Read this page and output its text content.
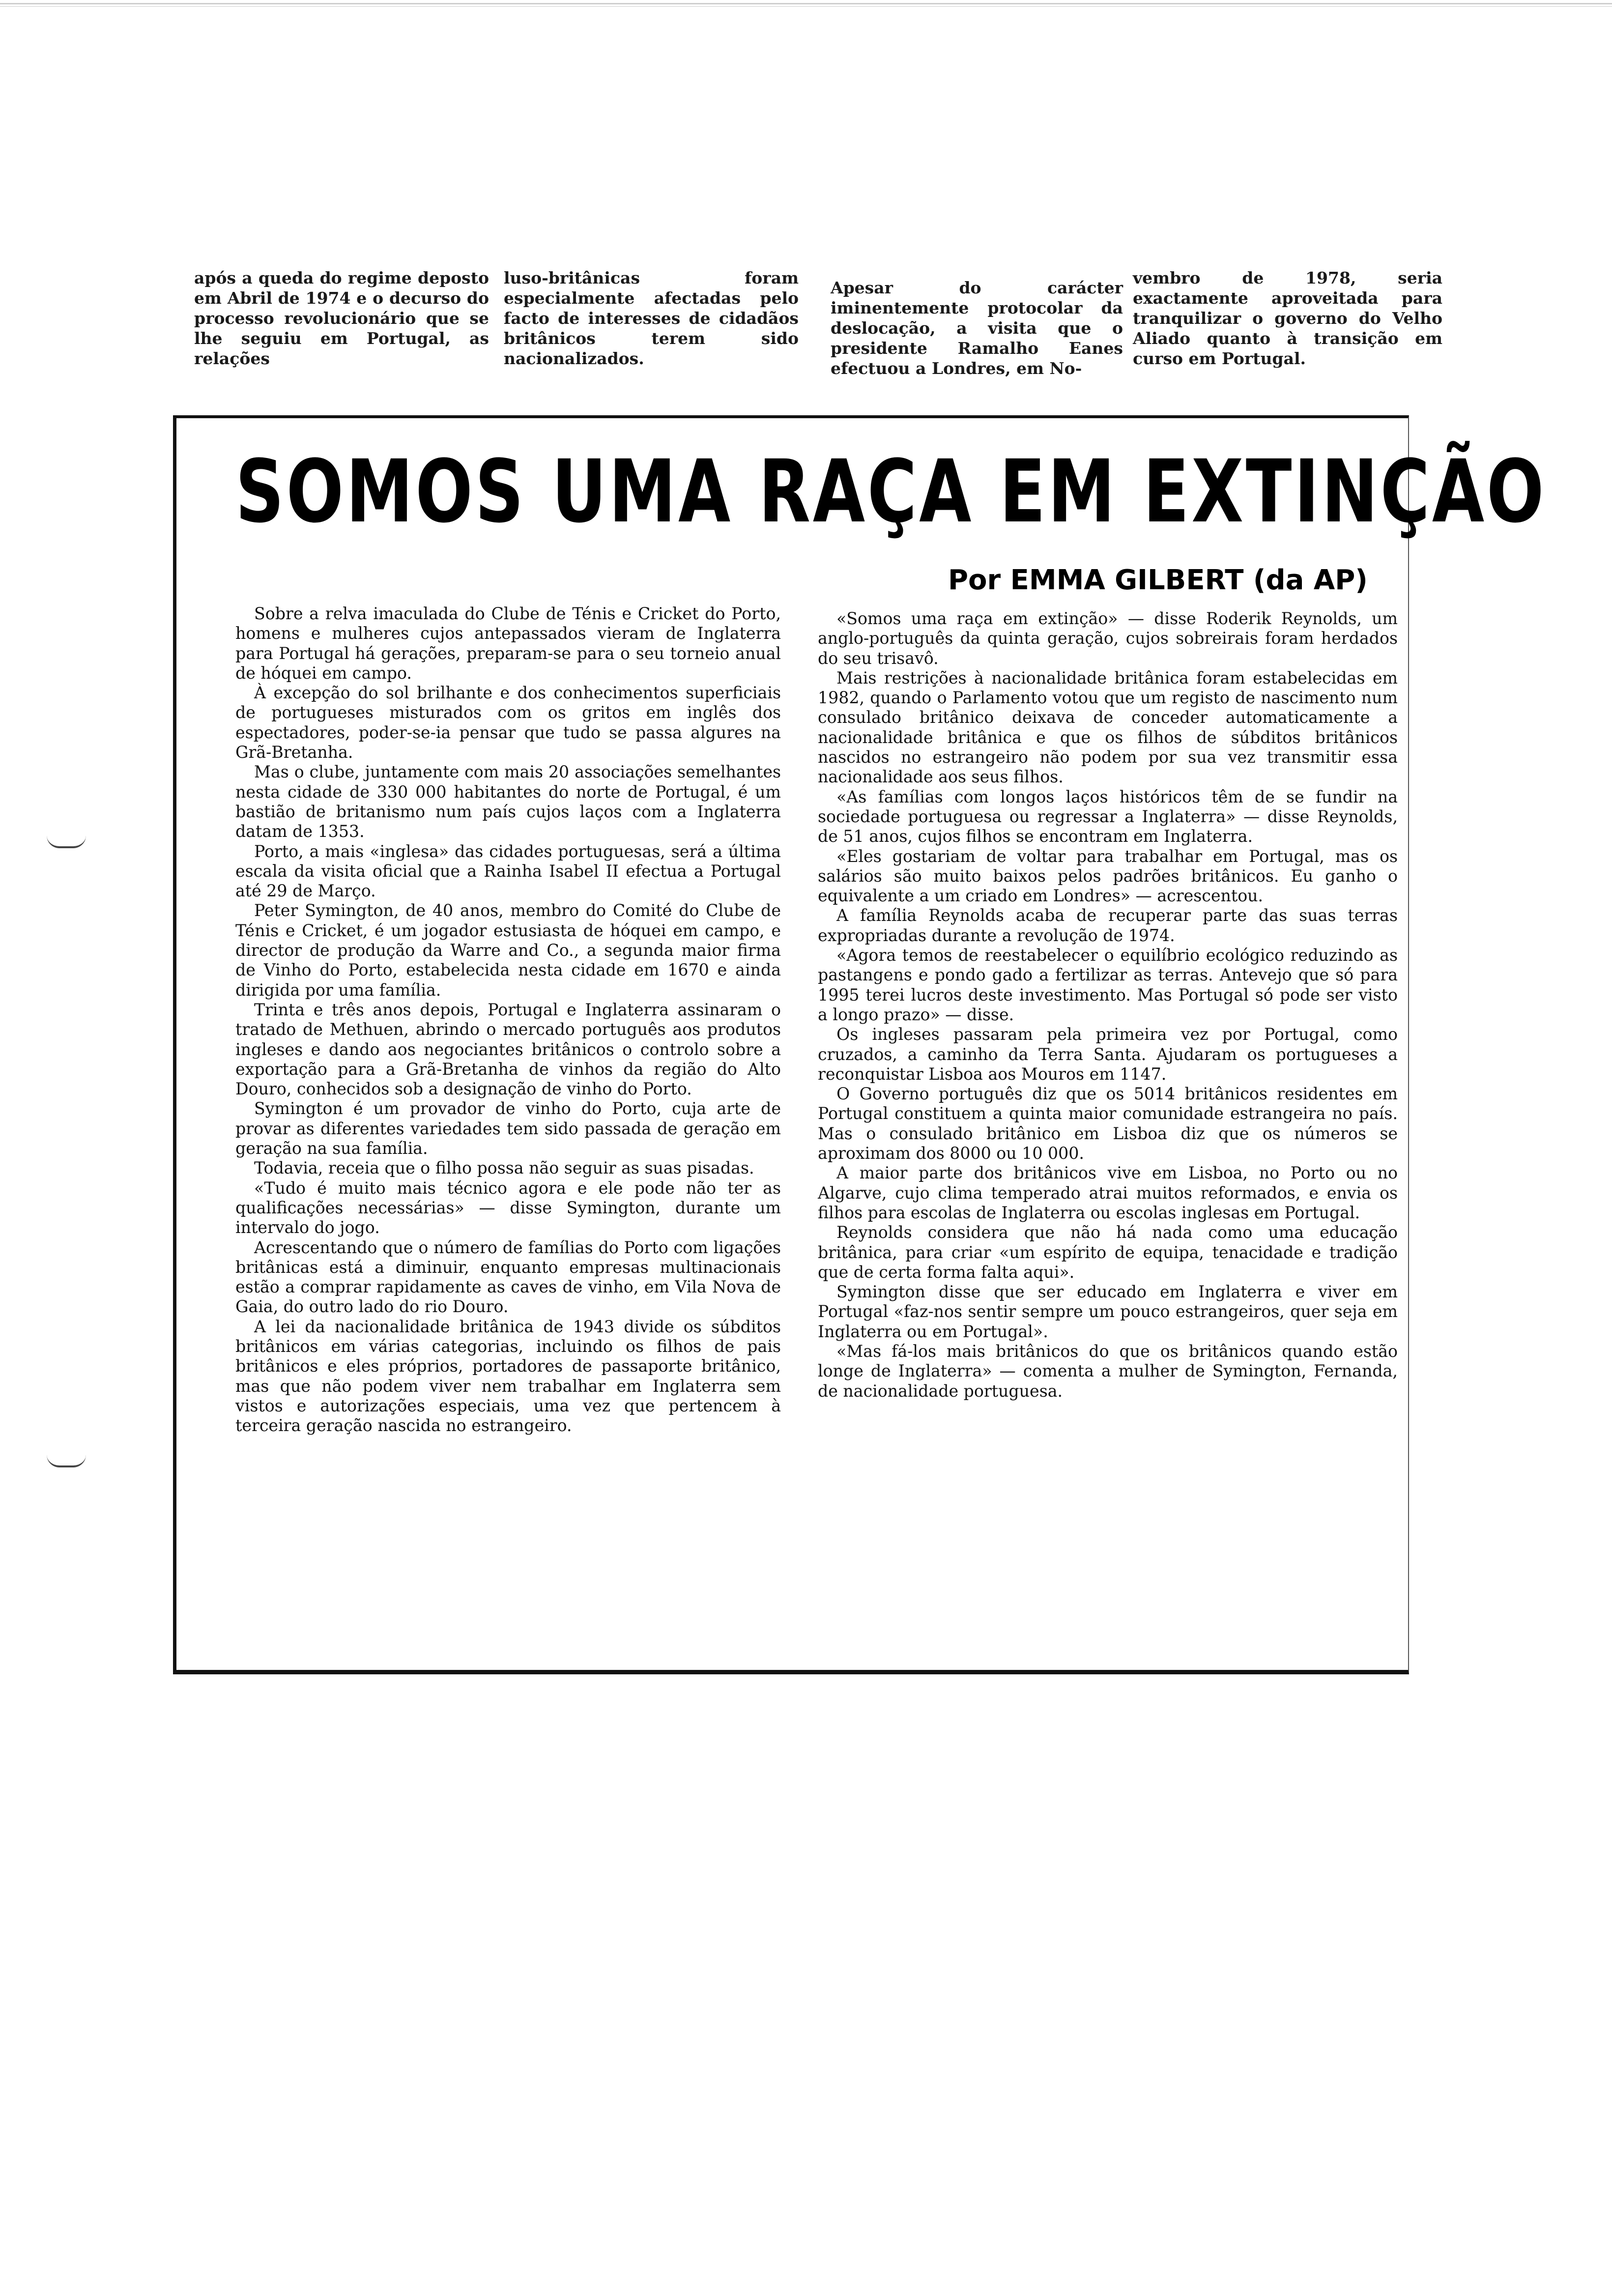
após a queda do regime deposto em Abril de 1974 e o decurso do processo revolucionário que se lhe seguiu em Portugal, as relações

luso-britânicas foram especialmente afectadas pelo facto de interesses de cidadãos britânicos terem sido nacionalizados.

Apesar do carácter iminentemente protocolar da deslocação, a visita que o presidente Ramalho Eanes efectuou a Londres, em No-

vembro de 1978, seria exactamente aproveitada para tranquilizar o governo do Velho Aliado quanto à transição em curso em Portugal.

SOMOS UMA RAÇA EM EXTINÇÃO

Por EMMA GILBERT (da AP)

Sobre a relva imaculada do Clube de Ténis e Cricket do Porto, homens e mulheres cujos antepassados vieram de Inglaterra para Portugal há gerações, preparam-se para o seu torneio anual de hóquei em campo.

À excepção do sol brilhante e dos conhecimentos superficiais de portugueses misturados com os gritos em inglês dos espectadores, poder-se-ia pensar que tudo se passa algures na Grã-Bretanha.

Mas o clube, juntamente com mais 20 associações semelhantes nesta cidade de 330 000 habitantes do norte de Portugal, é um bastião de britanismo num país cujos laços com a Inglaterra datam de 1353.

Porto, a mais «inglesa» das cidades portuguesas, será a última escala da visita oficial que a Rainha Isabel II efectua a Portugal até 29 de Março.

Peter Symington, de 40 anos, membro do Comité do Clube de Ténis e Cricket, é um jogador estusiasta de hóquei em campo, e director de produção da Warre and Co., a segunda maior firma de Vinho do Porto, estabelecida nesta cidade em 1670 e ainda dirigida por uma família.

Trinta e três anos depois, Portugal e Inglaterra assinaram o tratado de Methuen, abrindo o mercado português aos produtos ingleses e dando aos negociantes britânicos o controlo sobre a exportação para a Grã-Bretanha de vinhos da região do Alto Douro, conhecidos sob a designação de vinho do Porto.

Symington é um provador de vinho do Porto, cuja arte de provar as diferentes variedades tem sido passada de geração em geração na sua família.

Todavia, receia que o filho possa não seguir as suas pisadas.

«Tudo é muito mais técnico agora e ele pode não ter as qualificações necessárias» — disse Symington, durante um intervalo do jogo.

Acrescentando que o número de famílias do Porto com ligações britânicas está a diminuir, enquanto empresas multinacionais estão a comprar rapidamente as caves de vinho, em Vila Nova de Gaia, do outro lado do rio Douro.

A lei da nacionalidade britânica de 1943 divide os súbditos britânicos em várias categorias, incluindo os filhos de pais britânicos e eles próprios, portadores de passaporte britânico, mas que não podem viver nem trabalhar em Inglaterra sem vistos e autorizações especiais, uma vez que pertencem à terceira geração nascida no estrangeiro.

«Somos uma raça em extinção» — disse Roderik Reynolds, um anglo-português da quinta geração, cujos sobreirais foram herdados do seu trisavô.

Mais restrições à nacionalidade britânica foram estabelecidas em 1982, quando o Parlamento votou que um registo de nascimento num consulado britânico deixava de conceder automaticamente a nacionalidade britânica e que os filhos de súbditos britânicos nascidos no estrangeiro não podem por sua vez transmitir essa nacionalidade aos seus filhos.

«As famílias com longos laços históricos têm de se fundir na sociedade portuguesa ou regressar a Inglaterra» — disse Reynolds, de 51 anos, cujos filhos se encontram em Inglaterra.

«Eles gostariam de voltar para trabalhar em Portugal, mas os salários são muito baixos pelos padrões britânicos. Eu ganho o equivalente a um criado em Londres» — acrescentou.

A família Reynolds acaba de recuperar parte das suas terras expropriadas durante a revolução de 1974.

«Agora temos de reestabelecer o equilíbrio ecológico reduzindo as pastangens e pondo gado a fertilizar as terras. Antevejo que só para 1995 terei lucros deste investimento. Mas Portugal só pode ser visto a longo prazo» — disse.

Os ingleses passaram pela primeira vez por Portugal, como cruzados, a caminho da Terra Santa. Ajudaram os portugueses a reconquistar Lisboa aos Mouros em 1147.

O Governo português diz que os 5014 britânicos residentes em Portugal constituem a quinta maior comunidade estrangeira no país. Mas o consulado britânico em Lisboa diz que os números se aproximam dos 8000 ou 10 000.

A maior parte dos britânicos vive em Lisboa, no Porto ou no Algarve, cujo clima temperado atrai muitos reformados, e envia os filhos para escolas de Inglaterra ou escolas inglesas em Portugal.

Reynolds considera que não há nada como uma educação britânica, para criar «um espírito de equipa, tenacidade e tradição que de certa forma falta aqui».

Symington disse que ser educado em Inglaterra e viver em Portugal «faz-nos sentir sempre um pouco estrangeiros, quer seja em Inglaterra ou em Portugal».

«Mas fá-los mais britânicos do que os britânicos quando estão longe de Inglaterra» — comenta a mulher de Symington, Fernanda, de nacionalidade portuguesa.
